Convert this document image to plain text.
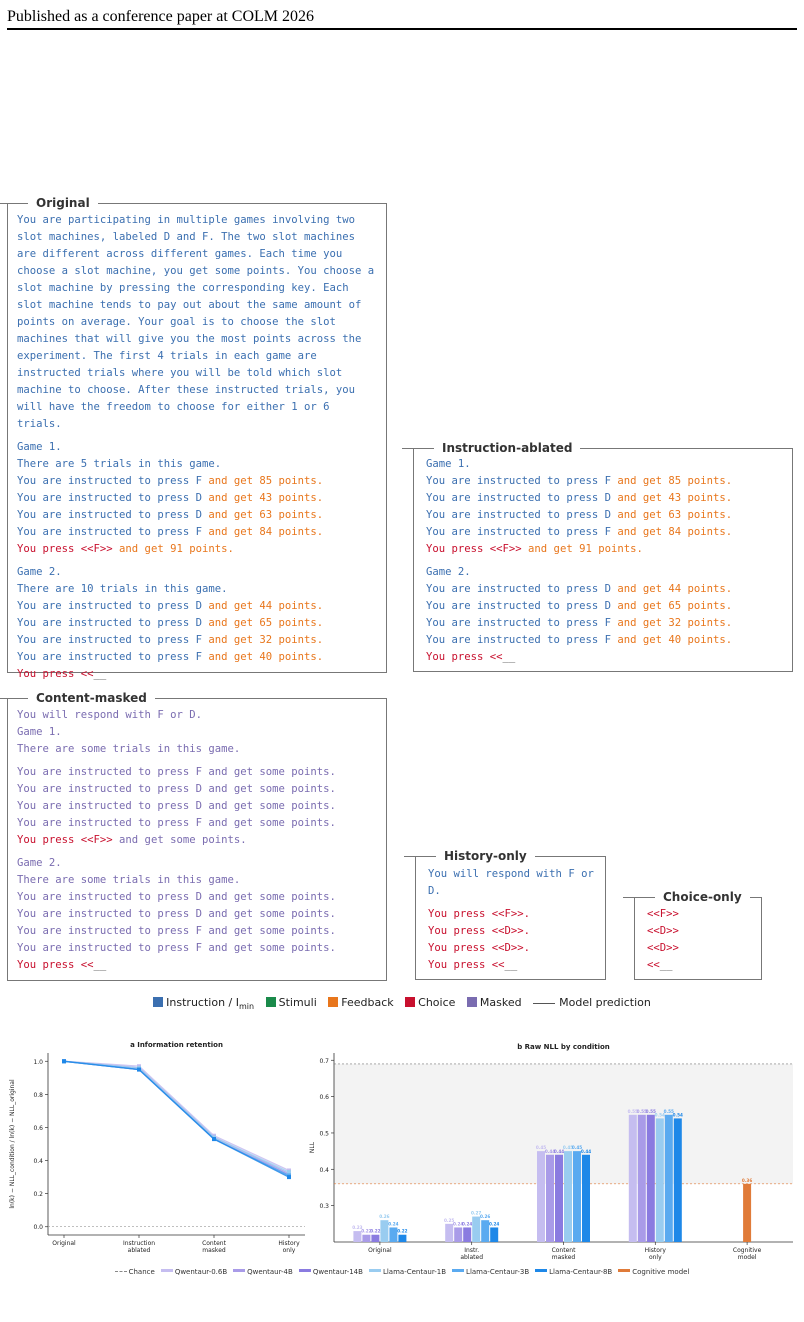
Published as a conference paper at COLM 2026
Original
You are participating in multiple games involving two slot machines, labeled D and F. The two slot machines are different across different games. Each time you choose a slot machine, you get some points. You choose a slot machine by pressing the corresponding key. Each slot machine tends to pay out about the same amount of points on average. Your goal is to choose the slot machines that will give you the most points across the experiment. The first 4 trials in each game are instructed trials where you will be told which slot machine to choose. After these instructed trials, you will have the freedom to choose for either 1 or 6 trials.
Game 1.
There are 5 trials in this game.
You are instructed to press F and get 85 points.
You are instructed to press D and get 43 points.
You are instructed to press D and get 63 points.
You are instructed to press F and get 84 points.
You press <<F>> and get 91 points.
Game 2.
There are 10 trials in this game.
You are instructed to press D and get 44 points.
You are instructed to press D and get 65 points.
You are instructed to press F and get 32 points.
You are instructed to press F and get 40 points.
You press <<__
Instruction-ablated
Game 1.
You are instructed to press F and get 85 points.
You are instructed to press D and get 43 points.
You are instructed to press D and get 63 points.
You are instructed to press F and get 84 points.
You press <<F>> and get 91 points.
Game 2.
You are instructed to press D and get 44 points.
You are instructed to press D and get 65 points.
You are instructed to press F and get 32 points.
You are instructed to press F and get 40 points.
You press <<__
Content-masked
You will respond with F or D.
Game 1.
There are some trials in this game.
You are instructed to press F and get some points.
You are instructed to press D and get some points.
You are instructed to press D and get some points.
You are instructed to press F and get some points.
You press <<F>> and get some points.
Game 2.
There are some trials in this game.
You are instructed to press D and get some points.
You are instructed to press D and get some points.
You are instructed to press F and get some points.
You are instructed to press F and get some points.
You press <<__
History-only
You will respond with F or D.
You press <<F>>.
You press <<D>>.
You press <<D>>.
You press <<__
Choice-only
<<F>>
<<D>>
<<D>>
<<__
Instruction / $I_{min}$ Stimuli Feedback Choice Masked	Model prediction
a Information retention
0.0
0.2
0.4
0.6
0.8
1.0
Original	Instruction
ablated
Content
masked
History
only
ln(k) − NLL_condition / ln(k) − NLL_original
b Raw NLL by condition
0.3
0.4
0.5
0.6
0.7
NLL
Original
0.23
0.22
0.22
0.26
0.24
0.22
Instr.
ablated
0.25
0.24
0.24
0.27
0.26
0.24
Content
masked
0.45
0.44
0.44
0.45
0.45
0.44
History
only
0.55
0.55
0.55
0.54
0.55
0.54
Cognitive
model
0.36
Chance	Qwentaur-0.6B	Qwentaur-4B	Qwentaur-14B	Llama-Centaur-1B	Llama-Centaur-3B	Llama-Centaur-8B	Cognitive model
